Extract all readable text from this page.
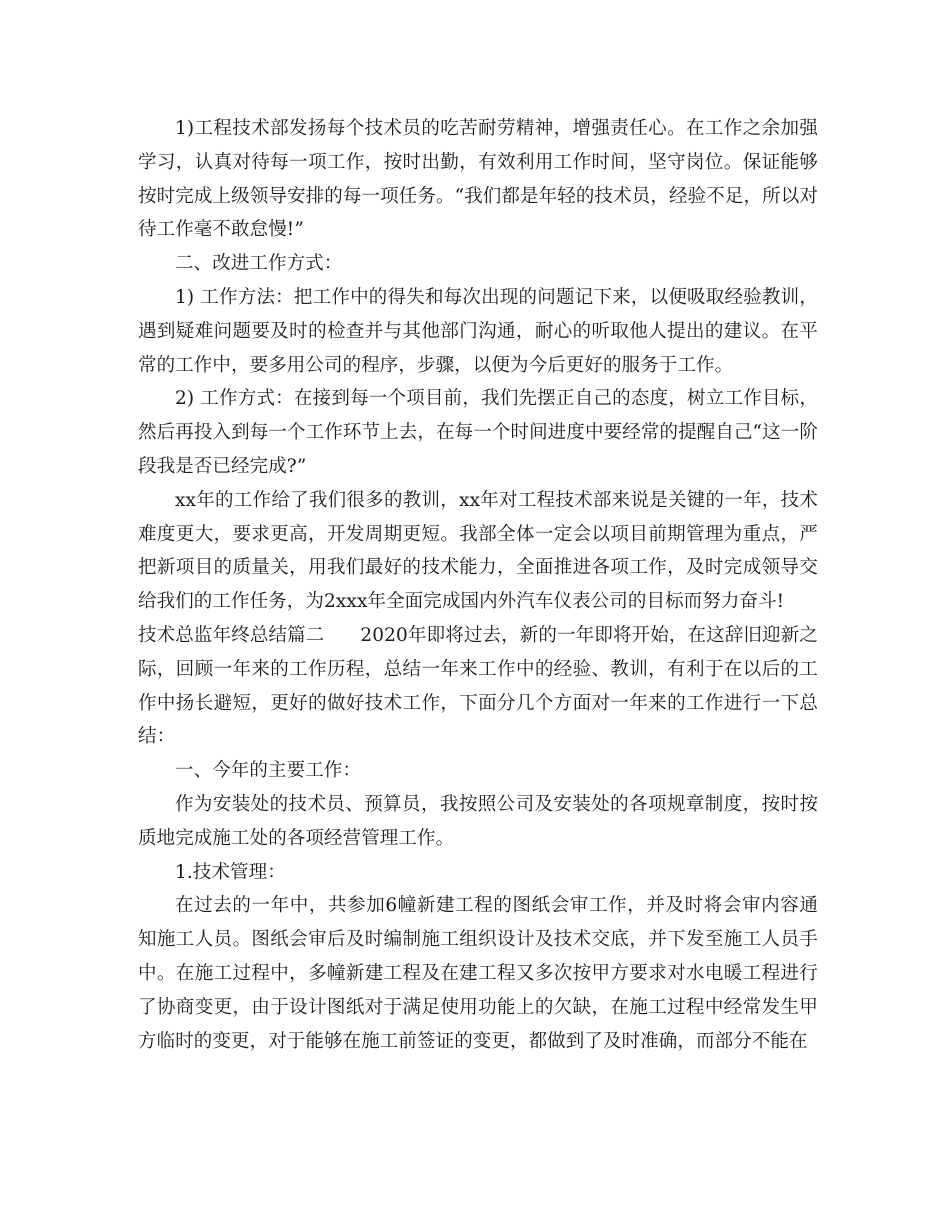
1)工程技术部发扬每个技术员的吃苦耐劳精神，增强责任心。在工作之余加强学习，认真对待每一项工作，按时出勤，有效利用工作时间，坚守岗位。保证能够按时完成上级领导安排的每一项任务。“我们都是年轻的技术员，经验不足，所以对待工作毫不敢怠慢!”

二、改进工作方式：

1) 工作方法：把工作中的得失和每次出现的问题记下来，以便吸取经验教训，遇到疑难问题要及时的检查并与其他部门沟通，耐心的听取他人提出的建议。在平常的工作中，要多用公司的程序，步骤，以便为今后更好的服务于工作。

2) 工作方式：在接到每一个项目前，我们先摆正自己的态度，树立工作目标，然后再投入到每一个工作环节上去，在每一个时间进度中要经常的提醒自己“这一阶段我是否已经完成?”

xx年的工作给了我们很多的教训，xx年对工程技术部来说是关键的一年，技术难度更大，要求更高，开发周期更短。我部全体一定会以项目前期管理为重点，严把新项目的质量关，用我们最好的技术能力，全面推进各项工作，及时完成领导交给我们的工作任务，为2xxx年全面完成国内外汽车仪表公司的目标而努力奋斗!

技术总监年终总结篇二 2020年即将过去，新的一年即将开始，在这辞旧迎新之际，回顾一年来的工作历程，总结一年来工作中的经验、教训，有利于在以后的工作中扬长避短，更好的做好技术工作，下面分几个方面对一年来的工作进行一下总结：

一、今年的主要工作：

作为安装处的技术员、预算员，我按照公司及安装处的各项规章制度，按时按质地完成施工处的各项经营管理工作。

1.技术管理：

在过去的一年中，共参加6幢新建工程的图纸会审工作，并及时将会审内容通知施工人员。图纸会审后及时编制施工组织设计及技术交底，并下发至施工人员手中。在施工过程中，多幢新建工程及在建工程又多次按甲方要求对水电暖工程进行了协商变更，由于设计图纸对于满足使用功能上的欠缺，在施工过程中经常发生甲方临时的变更，对于能够在施工前签证的变更，都做到了及时准确，而部分不能在
